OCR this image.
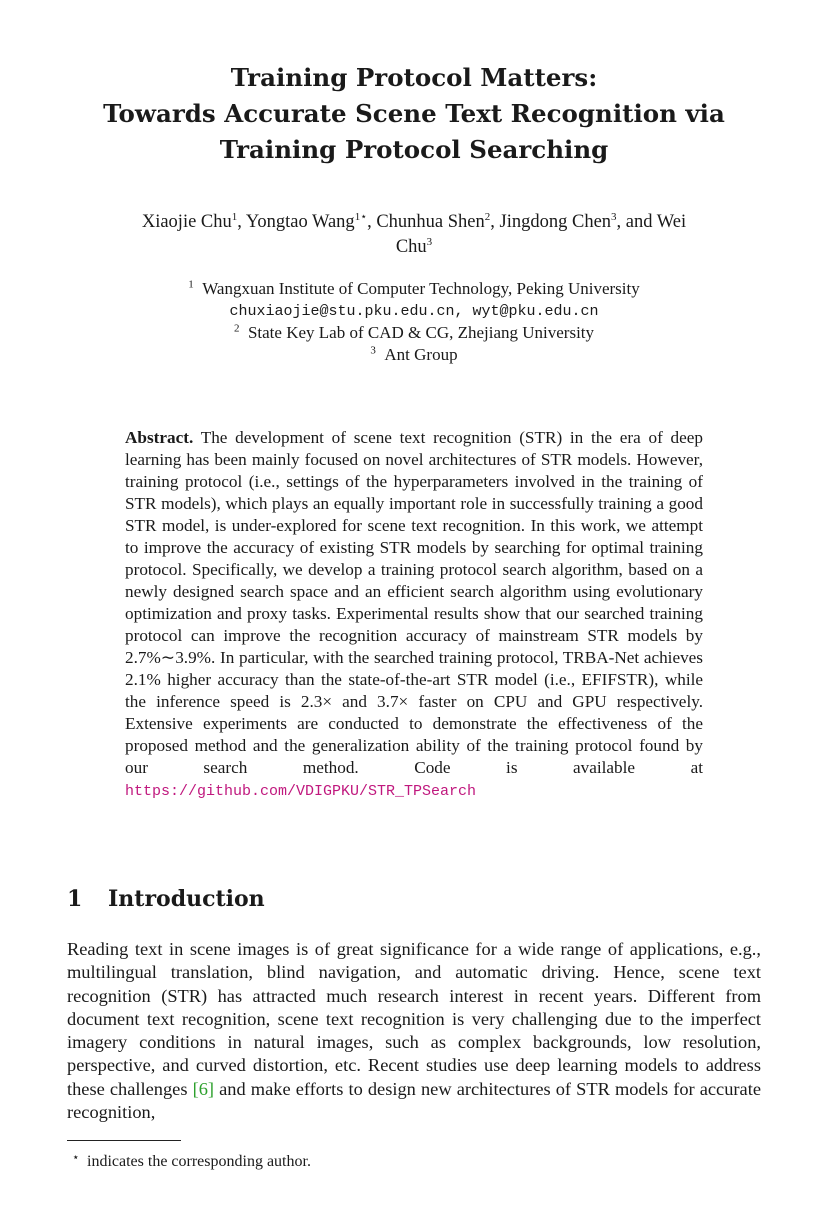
Training Protocol Matters:
Towards Accurate Scene Text Recognition via
Training Protocol Searching
Xiaojie Chu$^1$, Yongtao Wang$^{1⋆}$, Chunhua Shen$^2$, Jingdong Chen$^3$, and Wei
Chu$^3$
$^1$ Wangxuan Institute of Computer Technology, Peking University
chuxiaojie@stu.pku.edu.cn, wyt@pku.edu.cn
$^2$ State Key Lab of CAD & CG, Zhejiang University
$^3$ Ant Group
Abstract. The development of scene text recognition (STR) in the era of deep learning has been mainly focused on novel architectures of STR models. However, training protocol (i.e., settings of the hyperparameters involved in the training of STR models), which plays an equally important role in successfully training a good STR model, is under-explored for scene text recognition. In this work, we attempt to improve the accuracy of existing STR models by searching for optimal training protocol. Specifically, we develop a training protocol search algorithm, based on a newly designed search space and an efficient search algorithm using evolutionary optimization and proxy tasks. Experimental results show that our searched training protocol can improve the recognition accuracy of mainstream STR models by 2.7%∼3.9%. In particular, with the searched training protocol, TRBA-Net achieves 2.1% higher accuracy than the state-of-the-art STR model (i.e., EFIFSTR), while the inference speed is 2.3× and 3.7× faster on CPU and GPU respectively. Extensive experiments are conducted to demonstrate the effectiveness of the proposed method and the generalization ability of the training protocol found by our search method. Code is available at https://github.com/VDIGPKU/STR_TPSearch
1 Introduction
Reading text in scene images is of great significance for a wide range of applications, e.g., multilingual translation, blind navigation, and automatic driving. Hence, scene text recognition (STR) has attracted much research interest in recent years. Different from document text recognition, scene text recognition is very challenging due to the imperfect imagery conditions in natural images, such as complex backgrounds, low resolution, perspective, and curved distortion, etc. Recent studies use deep learning models to address these challenges [6] and make efforts to design new architectures of STR models for accurate recognition,
⋆ indicates the corresponding author.
